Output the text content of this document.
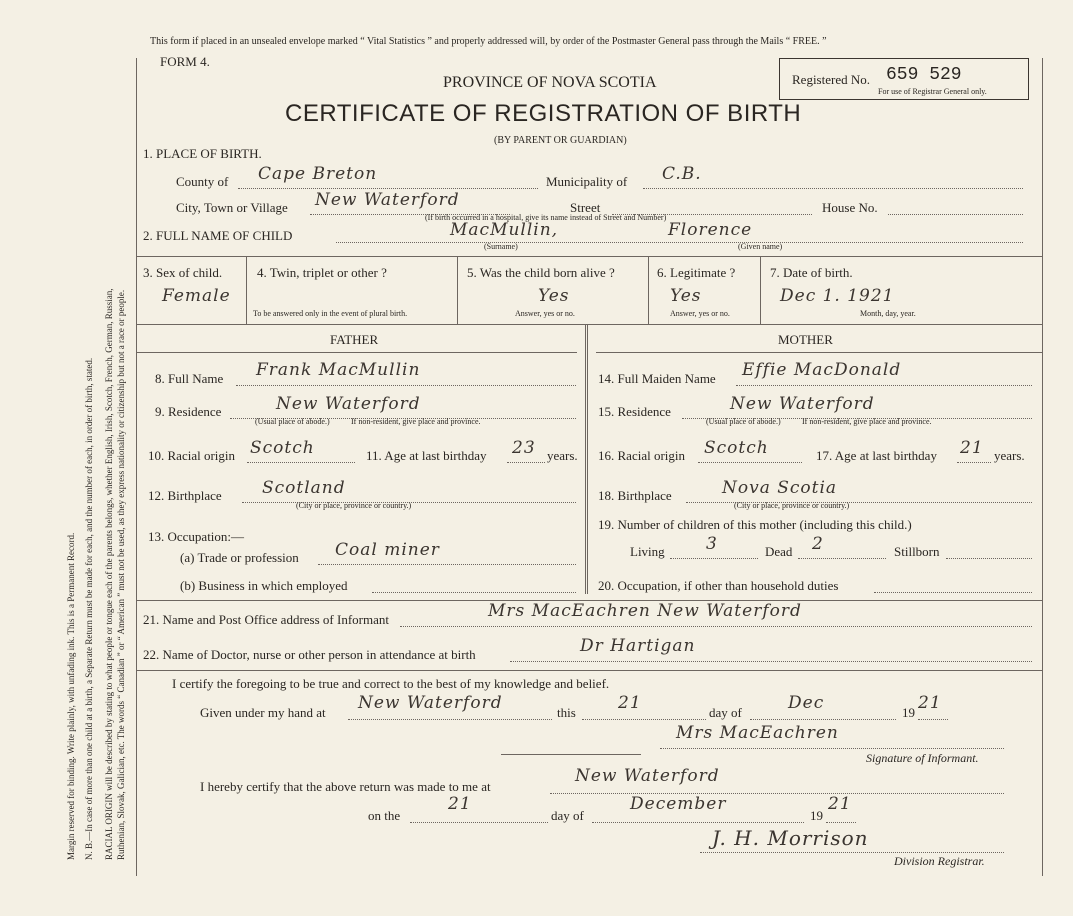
Margin reserved for binding. Write plainly, with unfading ink. This is a Permanent Record. N. B.—In case of more than one child at a birth, a Separate Return must be made for each, and the number of each, in order of birth, stated. RACIAL ORIGIN will be described by stating to what people or tongue each of the parents belongs, whether English, Irish, Scotch, French, German, Russian, Ruthenian, Slovak, Galician, etc. The words “ Canadian ” or “ American ” must not be used, as they express nationality or citizenship but not a race or people.
This form if placed in an unsealed envelope marked “ Vital Statistics ” and properly addressed will, by order of the Postmaster General pass through the Mails “ FREE. ”
FORM 4.
PROVINCE OF NOVA SCOTIA
CERTIFICATE OF REGISTRATION OF BIRTH
(BY PARENT OR GUARDIAN)
Registered No. 659 529
For use of Registrar General only.
1. PLACE OF BIRTH.
County of Cape Breton	Municipality of C.B.
City, Town or Village New Waterford	Street	House No.
(If birth occurred in a hospital, give its name instead of Street and Number)
2. FULL NAME OF CHILD	MacMullin,	Florence
(Surname)	(Given name)
3. Sex of child.
Female
4. Twin, triplet or other ?
To be answered only in the event of plural birth.
5. Was the child born alive ?
Yes
Answer, yes or no.
6. Legitimate ?
Yes
Answer, yes or no.
7. Date of birth.
Dec 1. 1921
Month, day, year.
FATHER	MOTHER
8. Full Name Frank MacMullin
9. Residence	New Waterford
(Usual place of abode.)	If non-resident, give place and province.
10. Racial origin Scotch	11. Age at last birthday 23 years.
12. Birthplace Scotland
(City or place, province or country.)
13. Occupation:—
(a) Trade or profession Coal miner
(b) Business in which employed
14. Full Maiden Name Effie MacDonald
15. Residence	New Waterford
(Usual place of abode.)	If non-resident, give place and province.
16. Racial origin Scotch	17. Age at last birthday 21 years.
18. Birthplace	Nova Scotia
(City or place, province or country.)
19. Number of children of this mother (including this child.)
Living 3	Dead 2	Stillborn
20. Occupation, if other than household duties
21. Name and Post Office address of Informant	Mrs MacEachren New Waterford
22. Name of Doctor, nurse or other person in attendance at birth	Dr Hartigan
I certify the foregoing to be true and correct to the best of my knowledge and belief.
Given under my hand at New Waterford	this 21	day of	Dec	19 21
Mrs MacEachren
Signature of Informant.
I hereby certify that the above return was made to me at
New Waterford
on the
21
day of
December
19
21
J. H. Morrison
Division Registrar.
